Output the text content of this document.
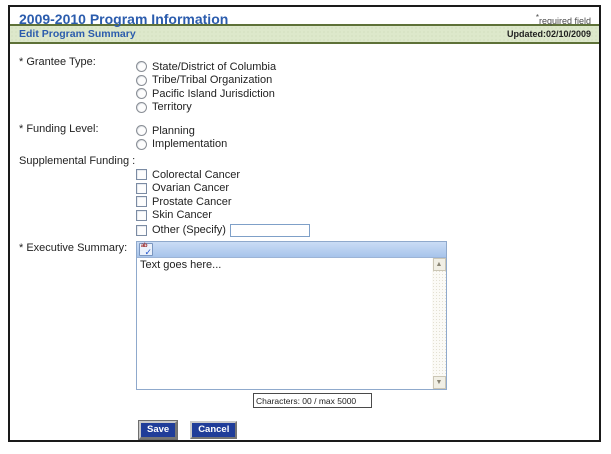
2009-2010 Program Information	*required field
Edit Program Summary	Updated:02/10/2009
* Grantee Type:	State/District of Columbia
Tribe/Tribal Organization
Pacific Island Jurisdiction
Territory
* Funding Level:	Planning
Implementation
Supplemental Funding :
Colorectal Cancer
Ovarian Cancer
Prostate Cancer
Skin Cancer
Other (Specify)
* Executive Summary:	ab
✓
Text goes here...	▲
▼
Characters: 00 / max 5000
Save	Cancel
